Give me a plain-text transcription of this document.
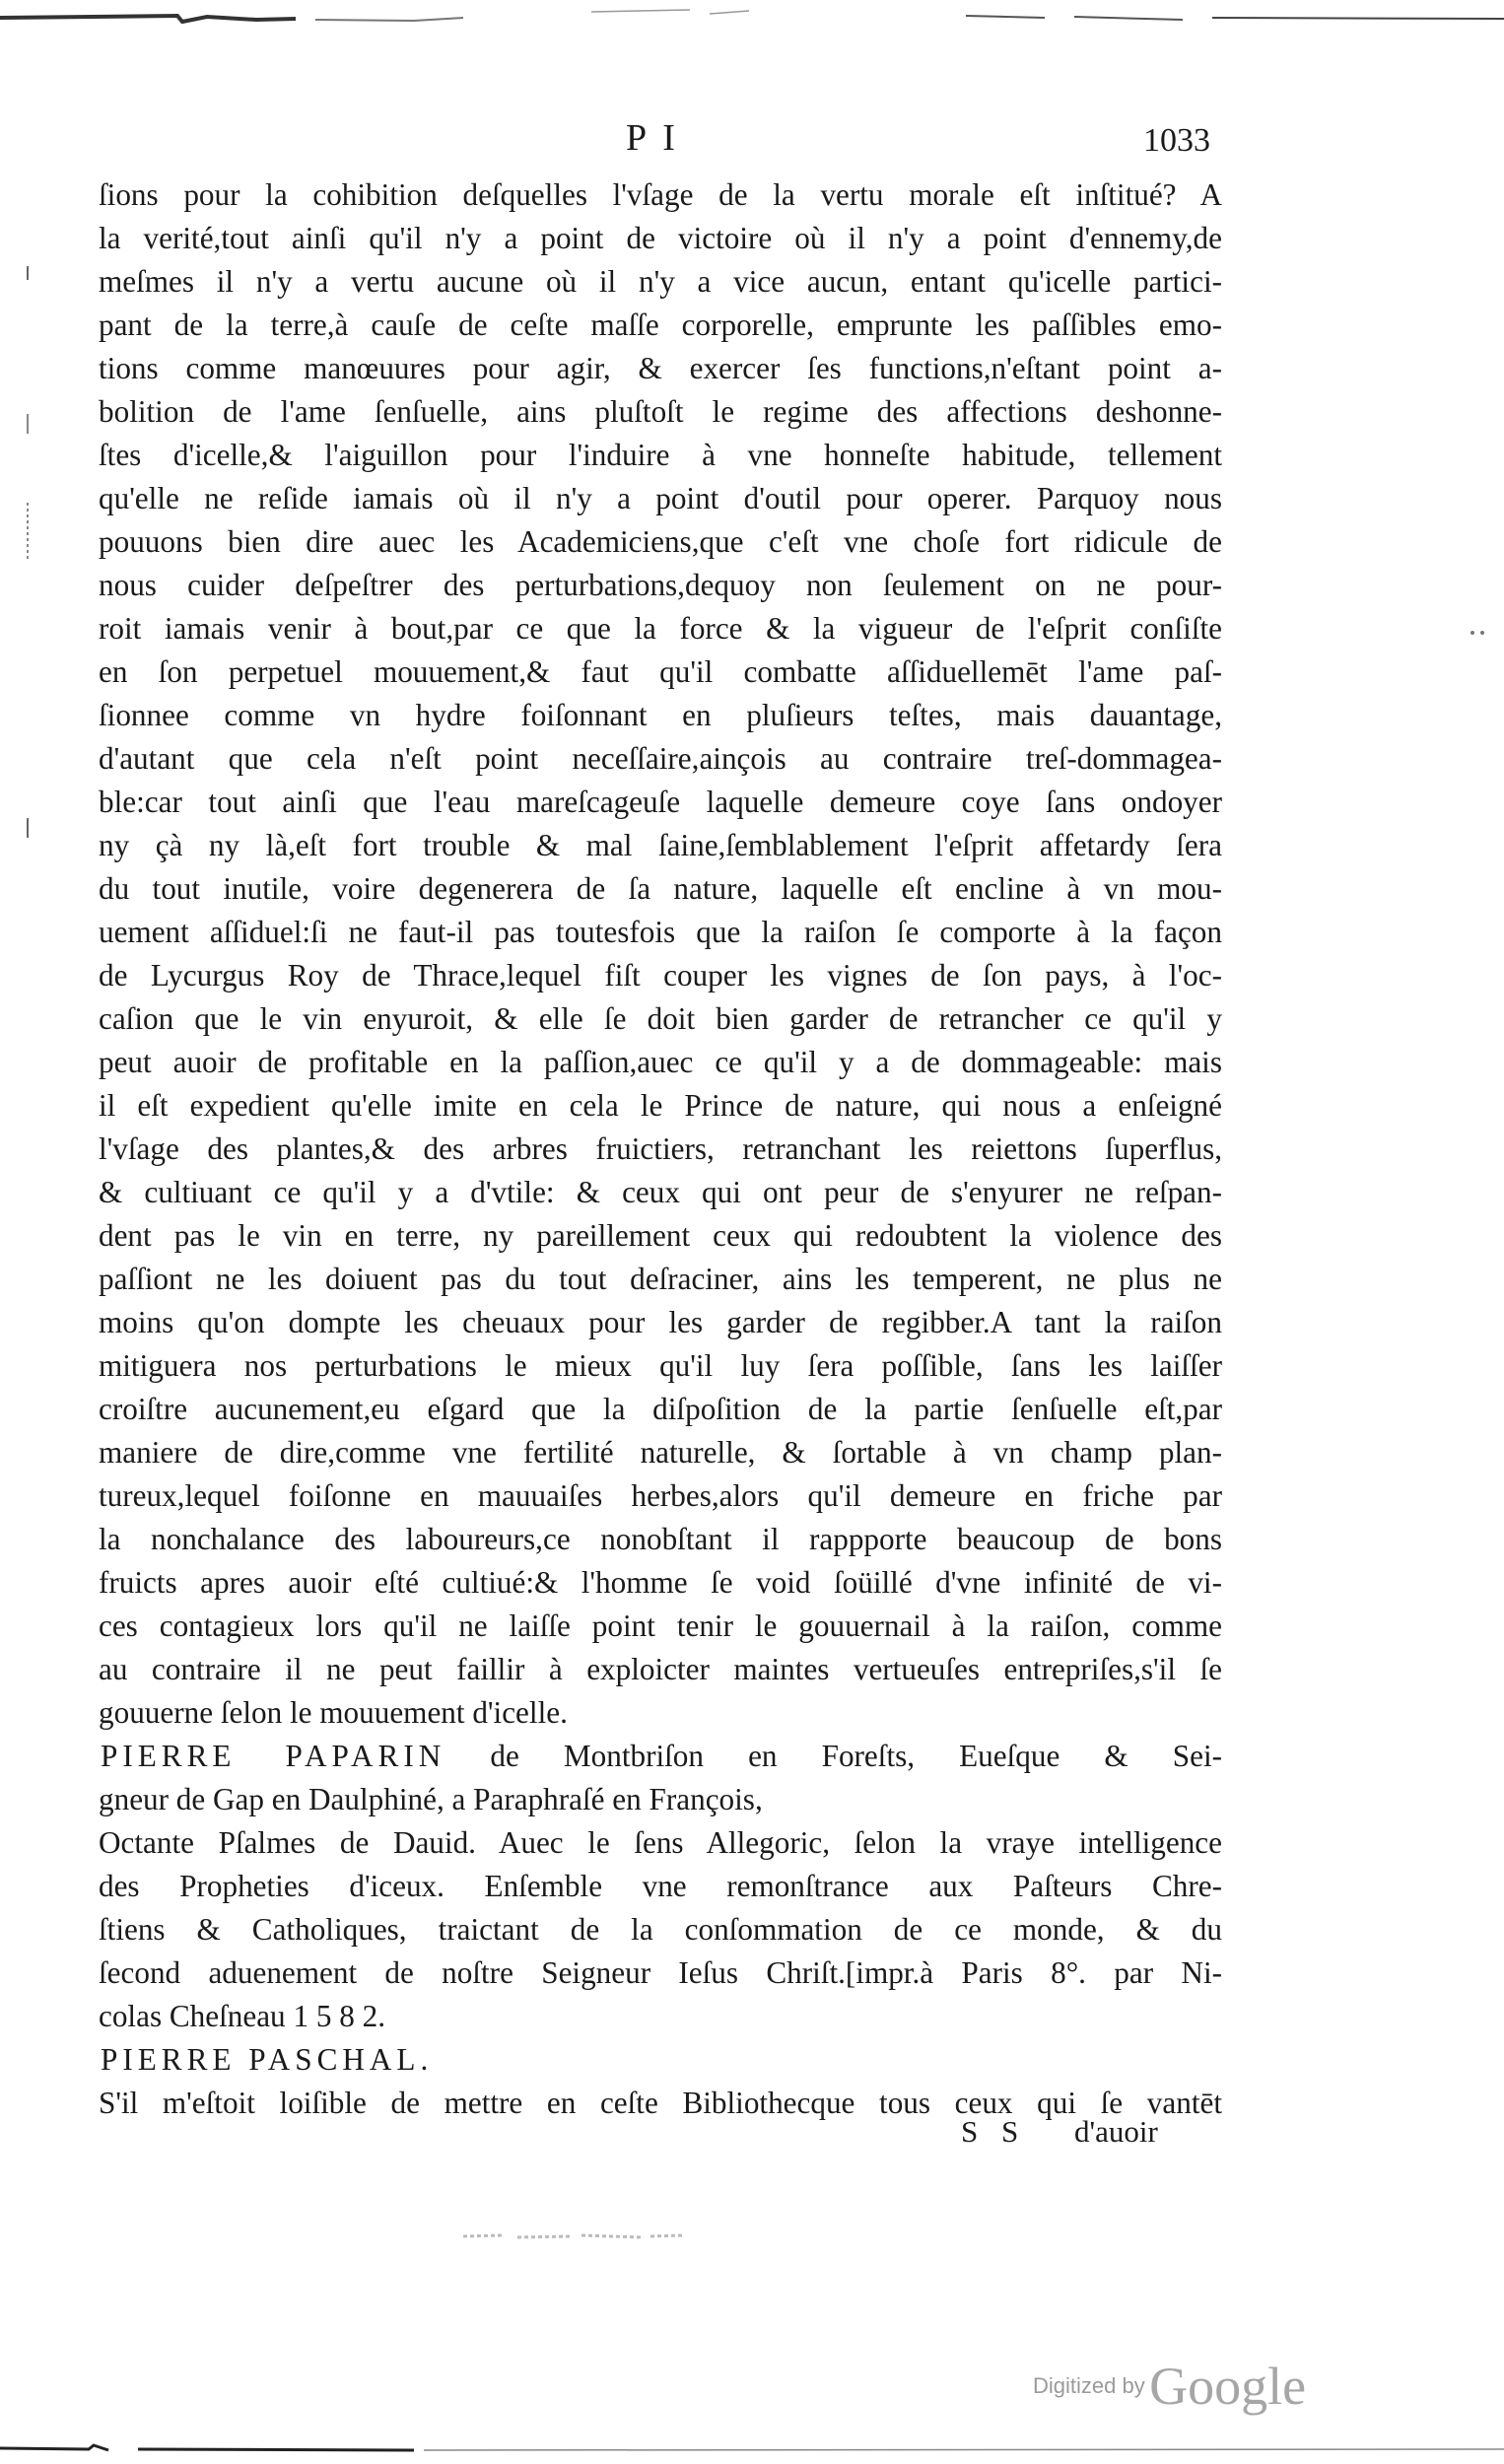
P I	1033
ſions pour la cohibition deſquelles l'vſage de la vertu morale eſt inſtitué? A
la verité,tout ainſi qu'il n'y a point de victoire où il n'y a point d'ennemy,de
meſmes il n'y a vertu aucune où il n'y a vice aucun, entant qu'icelle partici-
pant de la terre,à cauſe de ceſte maſſe corporelle, emprunte les paſſibles emo-
tions comme manœuures pour agir, & exercer ſes functions,n'eſtant point a-
bolition de l'ame ſenſuelle, ains pluſtoſt le regime des affections deshonne-
ſtes d'icelle,& l'aiguillon pour l'induire à vne honneſte habitude, tellement
qu'elle ne reſide iamais où il n'y a point d'outil pour operer. Parquoy nous
pouuons bien dire auec les Academiciens,que c'eſt vne choſe fort ridicule de
nous cuider deſpeſtrer des perturbations,dequoy non ſeulement on ne pour-
roit iamais venir à bout,par ce que la force & la vigueur de l'eſprit conſiſte
en ſon perpetuel mouuement,& faut qu'il combatte aſſiduellemēt l'ame paſ-
ſionnee comme vn hydre foiſonnant en pluſieurs teſtes, mais dauantage,
d'autant que cela n'eſt point neceſſaire,ainçois au contraire treſ-dommagea-
ble:car tout ainſi que l'eau mareſcageuſe laquelle demeure coye ſans ondoyer
ny çà ny là,eſt fort trouble & mal ſaine,ſemblablement l'eſprit affetardy ſera
du tout inutile, voire degenerera de ſa nature, laquelle eſt encline à vn mou-
uement aſſiduel:ſi ne faut-il pas toutesfois que la raiſon ſe comporte à la façon
de Lycurgus Roy de Thrace,lequel fiſt couper les vignes de ſon pays, à l'oc-
caſion que le vin enyuroit, & elle ſe doit bien garder de retrancher ce qu'il y
peut auoir de profitable en la paſſion,auec ce qu'il y a de dommageable: mais
il eſt expedient qu'elle imite en cela le Prince de nature, qui nous a enſeigné
l'vſage des plantes,& des arbres fruictiers, retranchant les reiettons ſuperflus,
& cultiuant ce qu'il y a d'vtile: & ceux qui ont peur de s'enyurer ne reſpan-
dent pas le vin en terre, ny pareillement ceux qui redoubtent la violence des
paſſiont ne les doiuent pas du tout deſraciner, ains les temperent, ne plus ne
moins qu'on dompte les cheuaux pour les garder de regibber.A tant la raiſon
mitiguera nos perturbations le mieux qu'il luy ſera poſſible, ſans les laiſſer
croiſtre aucunement,eu eſgard que la diſpoſition de la partie ſenſuelle eſt,par
maniere de dire,comme vne fertilité naturelle, & ſortable à vn champ plan-
tureux,lequel foiſonne en mauuaiſes herbes,alors qu'il demeure en friche par
la nonchalance des laboureurs,ce nonobſtant il rappporte beaucoup de bons
fruicts apres auoir eſté cultiué:& l'homme ſe void ſoüillé d'vne infinité de vi-
ces contagieux lors qu'il ne laiſſe point tenir le gouuernail à la raiſon, comme
au contraire il ne peut faillir à exploicter maintes vertueuſes entrepriſes,s'il ſe
gouuerne ſelon le mouuement d'icelle.
PIERRE PAPARIN de Montbriſon en Foreſts, Eueſque & Sei-
gneur de Gap en Daulphiné, a Paraphraſé en François,
Octante Pſalmes de Dauid. Auec le ſens Allegoric, ſelon la vraye intelligence
des Propheties d'iceux. Enſemble vne remonſtrance aux Paſteurs Chre-
ſtiens & Catholiques, traictant de la conſommation de ce monde, & du
ſecond aduenement de noſtre Seigneur Ieſus Chriſt.[impr.à Paris 8°. par Ni-
colas Cheſneau 1 5 8 2.
PIERRE PASCHAL.
S'il m'eſtoit loiſible de mettre en ceſte Bibliothecque tous ceux qui ſe vantēt
S S d'auoir
Digitized by Google
